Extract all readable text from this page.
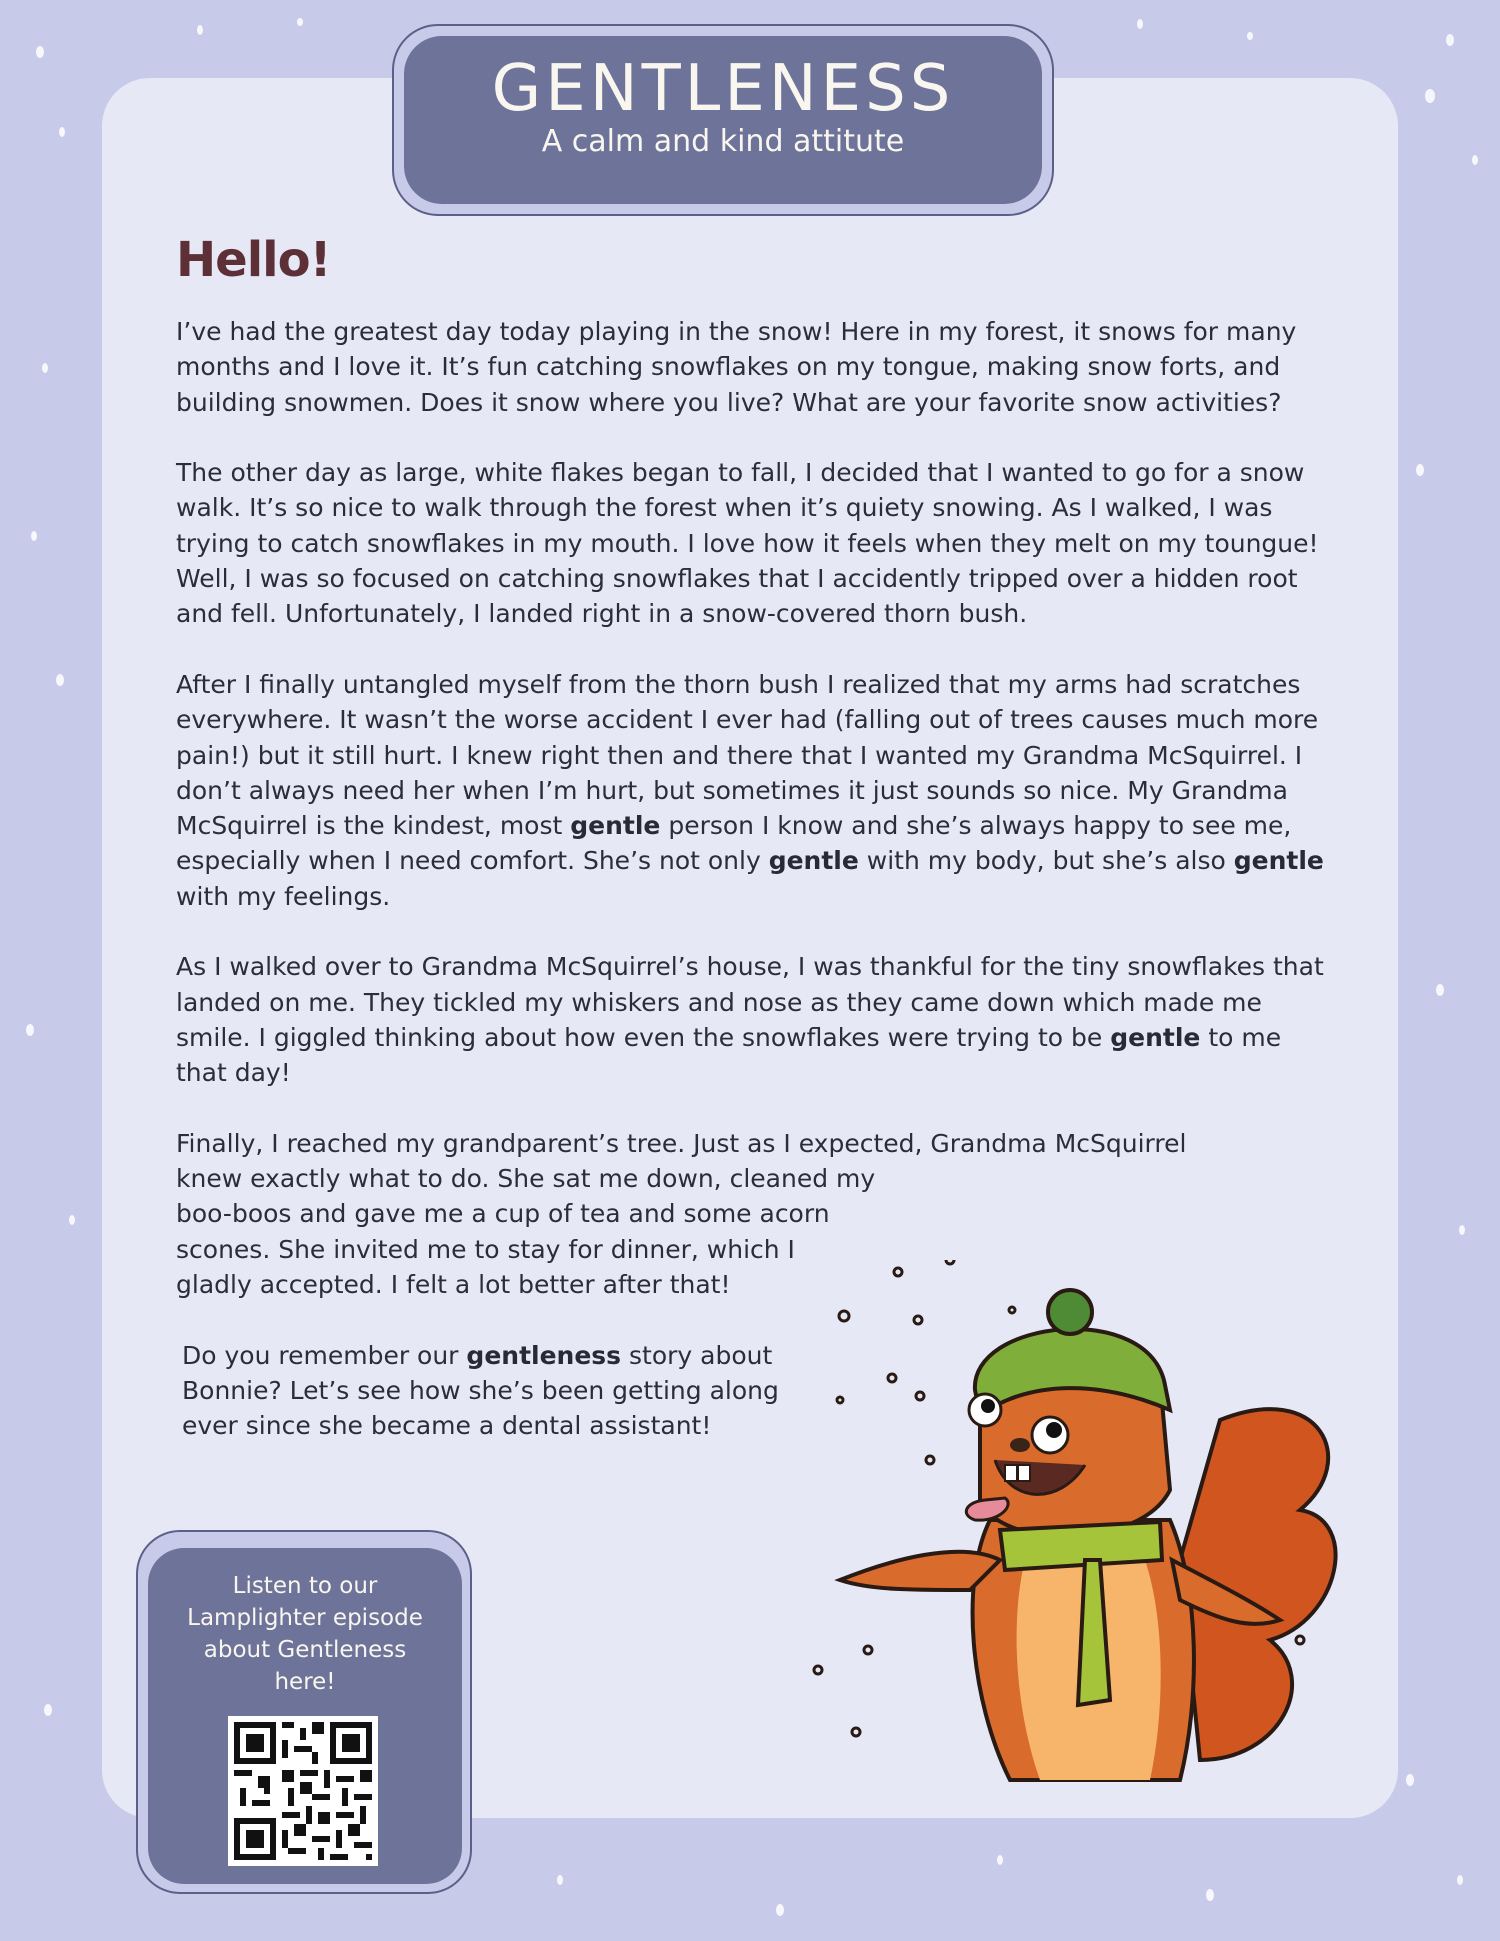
GENTLENESS
A calm and kind attitute
Hello!

I’ve had the greatest day today playing in the snow! Here in my forest, it snows for many months and I love it. It’s fun catching snowflakes on my tongue, making snow forts, and building snowmen. Does it snow where you live? What are your favorite snow activities?

The other day as large, white flakes began to fall, I decided that I wanted to go for a snow walk. It’s so nice to walk through the forest when it’s quiety snowing. As I walked, I was trying to catch snowflakes in my mouth. I love how it feels when they melt on my toungue! Well, I was so focused on catching snowflakes that I accidently tripped over a hidden root and fell. Unfortunately, I landed right in a snow-covered thorn bush.

After I finally untangled myself from the thorn bush I realized that my arms had scratches everywhere. It wasn’t the worse accident I ever had (falling out of trees causes much more pain!) but it still hurt. I knew right then and there that I wanted my Grandma McSquirrel. I don’t always need her when I’m hurt, but sometimes it just sounds so nice. My Grandma McSquirrel is the kindest, most gentle person I know and she’s always happy to see me, especially when I need comfort. She’s not only gentle with my body, but she’s also gentle with my feelings.

As I walked over to Grandma McSquirrel’s house, I was thankful for the tiny snowflakes that landed on me. They tickled my whiskers and nose as they came down which made me smile. I giggled thinking about how even the snowflakes were trying to be gentle to me that day!

Finally, I reached my grandparent’s tree. Just as I expected, Grandma McSquirrel
knew exactly what to do. She sat me down, cleaned my
boo-boos and gave me a cup of tea and some acorn
scones. She invited me to stay for dinner, which I
gladly accepted. I felt a lot better after that!

Do you remember our gentleness story about
Bonnie? Let’s see how she’s been getting along
ever since she became a dental assistant!

Listen to our
Lamplighter episode
about Gentleness
here!
